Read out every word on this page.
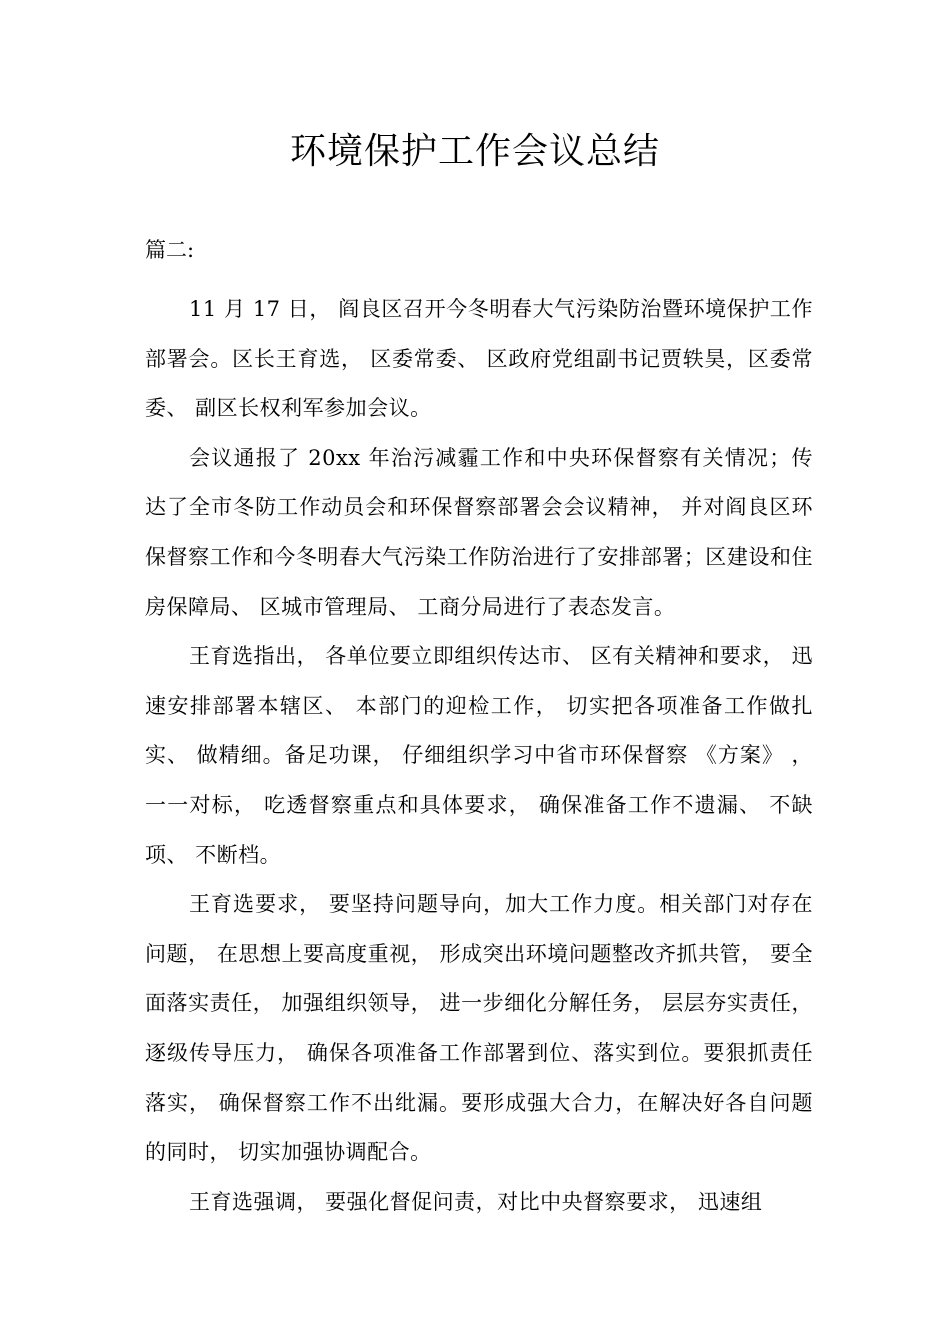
环境保护工作会议总结

篇二:

11 月 17 日， 阎良区召开今冬明春大气污染防治暨环境保护工作部署会。区长王育选， 区委常委、 区政府党组副书记贾轶昊，区委常委、 副区长权利军参加会议。

会议通报了 20xx 年治污减霾工作和中央环保督察有关情况；传达了全市冬防工作动员会和环保督察部署会会议精神， 并对阎良区环保督察工作和今冬明春大气污染工作防治进行了安排部署；区建设和住房保障局、 区城市管理局、 工商分局进行了表态发言。

王育选指出， 各单位要立即组织传达市、 区有关精神和要求， 迅速安排部署本辖区、 本部门的迎检工作， 切实把各项准备工作做扎实、 做精细。备足功课， 仔细组织学习中省市环保督察 《方案》 ， 一一对标， 吃透督察重点和具体要求， 确保准备工作不遗漏、 不缺项、 不断档。

王育选要求， 要坚持问题导向，加大工作力度。相关部门对存在问题， 在思想上要高度重视， 形成突出环境问题整改齐抓共管， 要全面落实责任， 加强组织领导， 进一步细化分解任务， 层层夯实责任， 逐级传导压力， 确保各项准备工作部署到位、落实到位。要狠抓责任落实， 确保督察工作不出纰漏。要形成强大合力，在解决好各自问题的同时， 切实加强协调配合。

王育选强调， 要强化督促问责，对比中央督察要求， 迅速组
